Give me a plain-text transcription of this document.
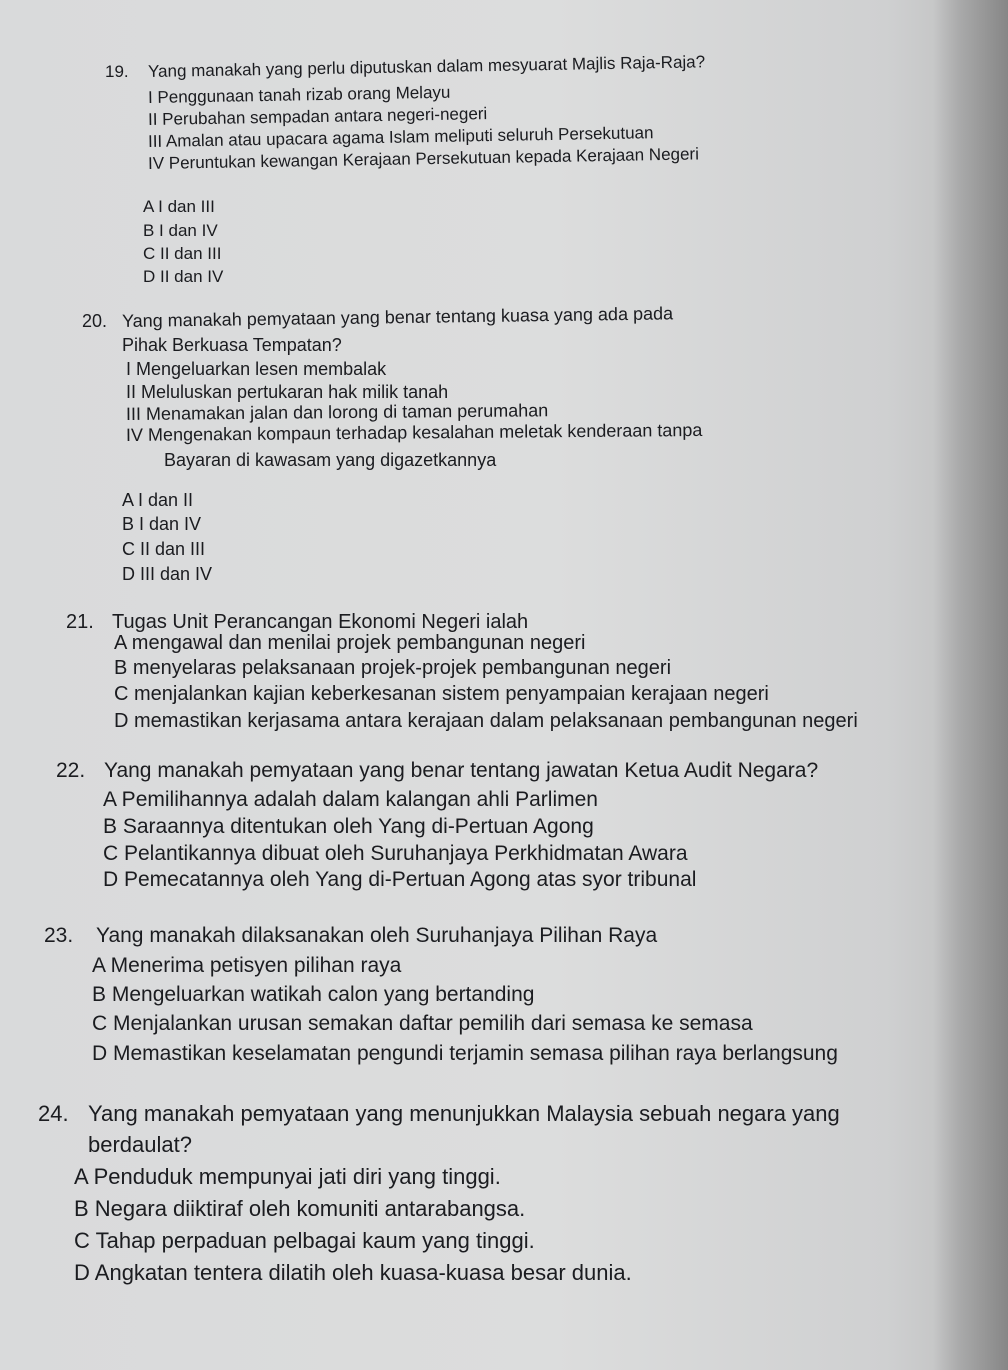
19. Yang manakah yang perlu diputuskan dalam mesyuarat Majlis Raja-Raja?
I Penggunaan tanah rizab orang Melayu
II Perubahan sempadan antara negeri-negeri
III Amalan atau upacara agama Islam meliputi seluruh Persekutuan
IV Peruntukan kewangan Kerajaan Persekutuan kepada Kerajaan Negeri
A I dan III
B I dan IV
C II dan III
D II dan IV
20. Yang manakah pemyataan yang benar tentang kuasa yang ada pada
Pihak Berkuasa Tempatan?
I Mengeluarkan lesen membalak
II Meluluskan pertukaran hak milik tanah
III Menamakan jalan dan lorong di taman perumahan
IV Mengenakan kompaun terhadap kesalahan meletak kenderaan tanpa
Bayaran di kawasam yang digazetkannya
A I dan II
B I dan IV
C II dan III
D III dan IV
21. Tugas Unit Perancangan Ekonomi Negeri ialah
A mengawal dan menilai projek pembangunan negeri
B menyelaras pelaksanaan projek-projek pembangunan negeri
C menjalankan kajian keberkesanan sistem penyampaian kerajaan negeri
D memastikan kerjasama antara kerajaan dalam pelaksanaan pembangunan negeri
22. Yang manakah pemyataan yang benar tentang jawatan Ketua Audit Negara?
A Pemilihannya adalah dalam kalangan ahli Parlimen
B Saraannya ditentukan oleh Yang di-Pertuan Agong
C Pelantikannya dibuat oleh Suruhanjaya Perkhidmatan Awara
D Pemecatannya oleh Yang di-Pertuan Agong atas syor tribunal
23. Yang manakah dilaksanakan oleh Suruhanjaya Pilihan Raya
A Menerima petisyen pilihan raya
B Mengeluarkan watikah calon yang bertanding
C Menjalankan urusan semakan daftar pemilih dari semasa ke semasa
D Memastikan keselamatan pengundi terjamin semasa pilihan raya berlangsung
24. Yang manakah pemyataan yang menunjukkan Malaysia sebuah negara yang
berdaulat?
A Penduduk mempunyai jati diri yang tinggi.
B Negara diiktiraf oleh komuniti antarabangsa.
C Tahap perpaduan pelbagai kaum yang tinggi.
D Angkatan tentera dilatih oleh kuasa-kuasa besar dunia.
